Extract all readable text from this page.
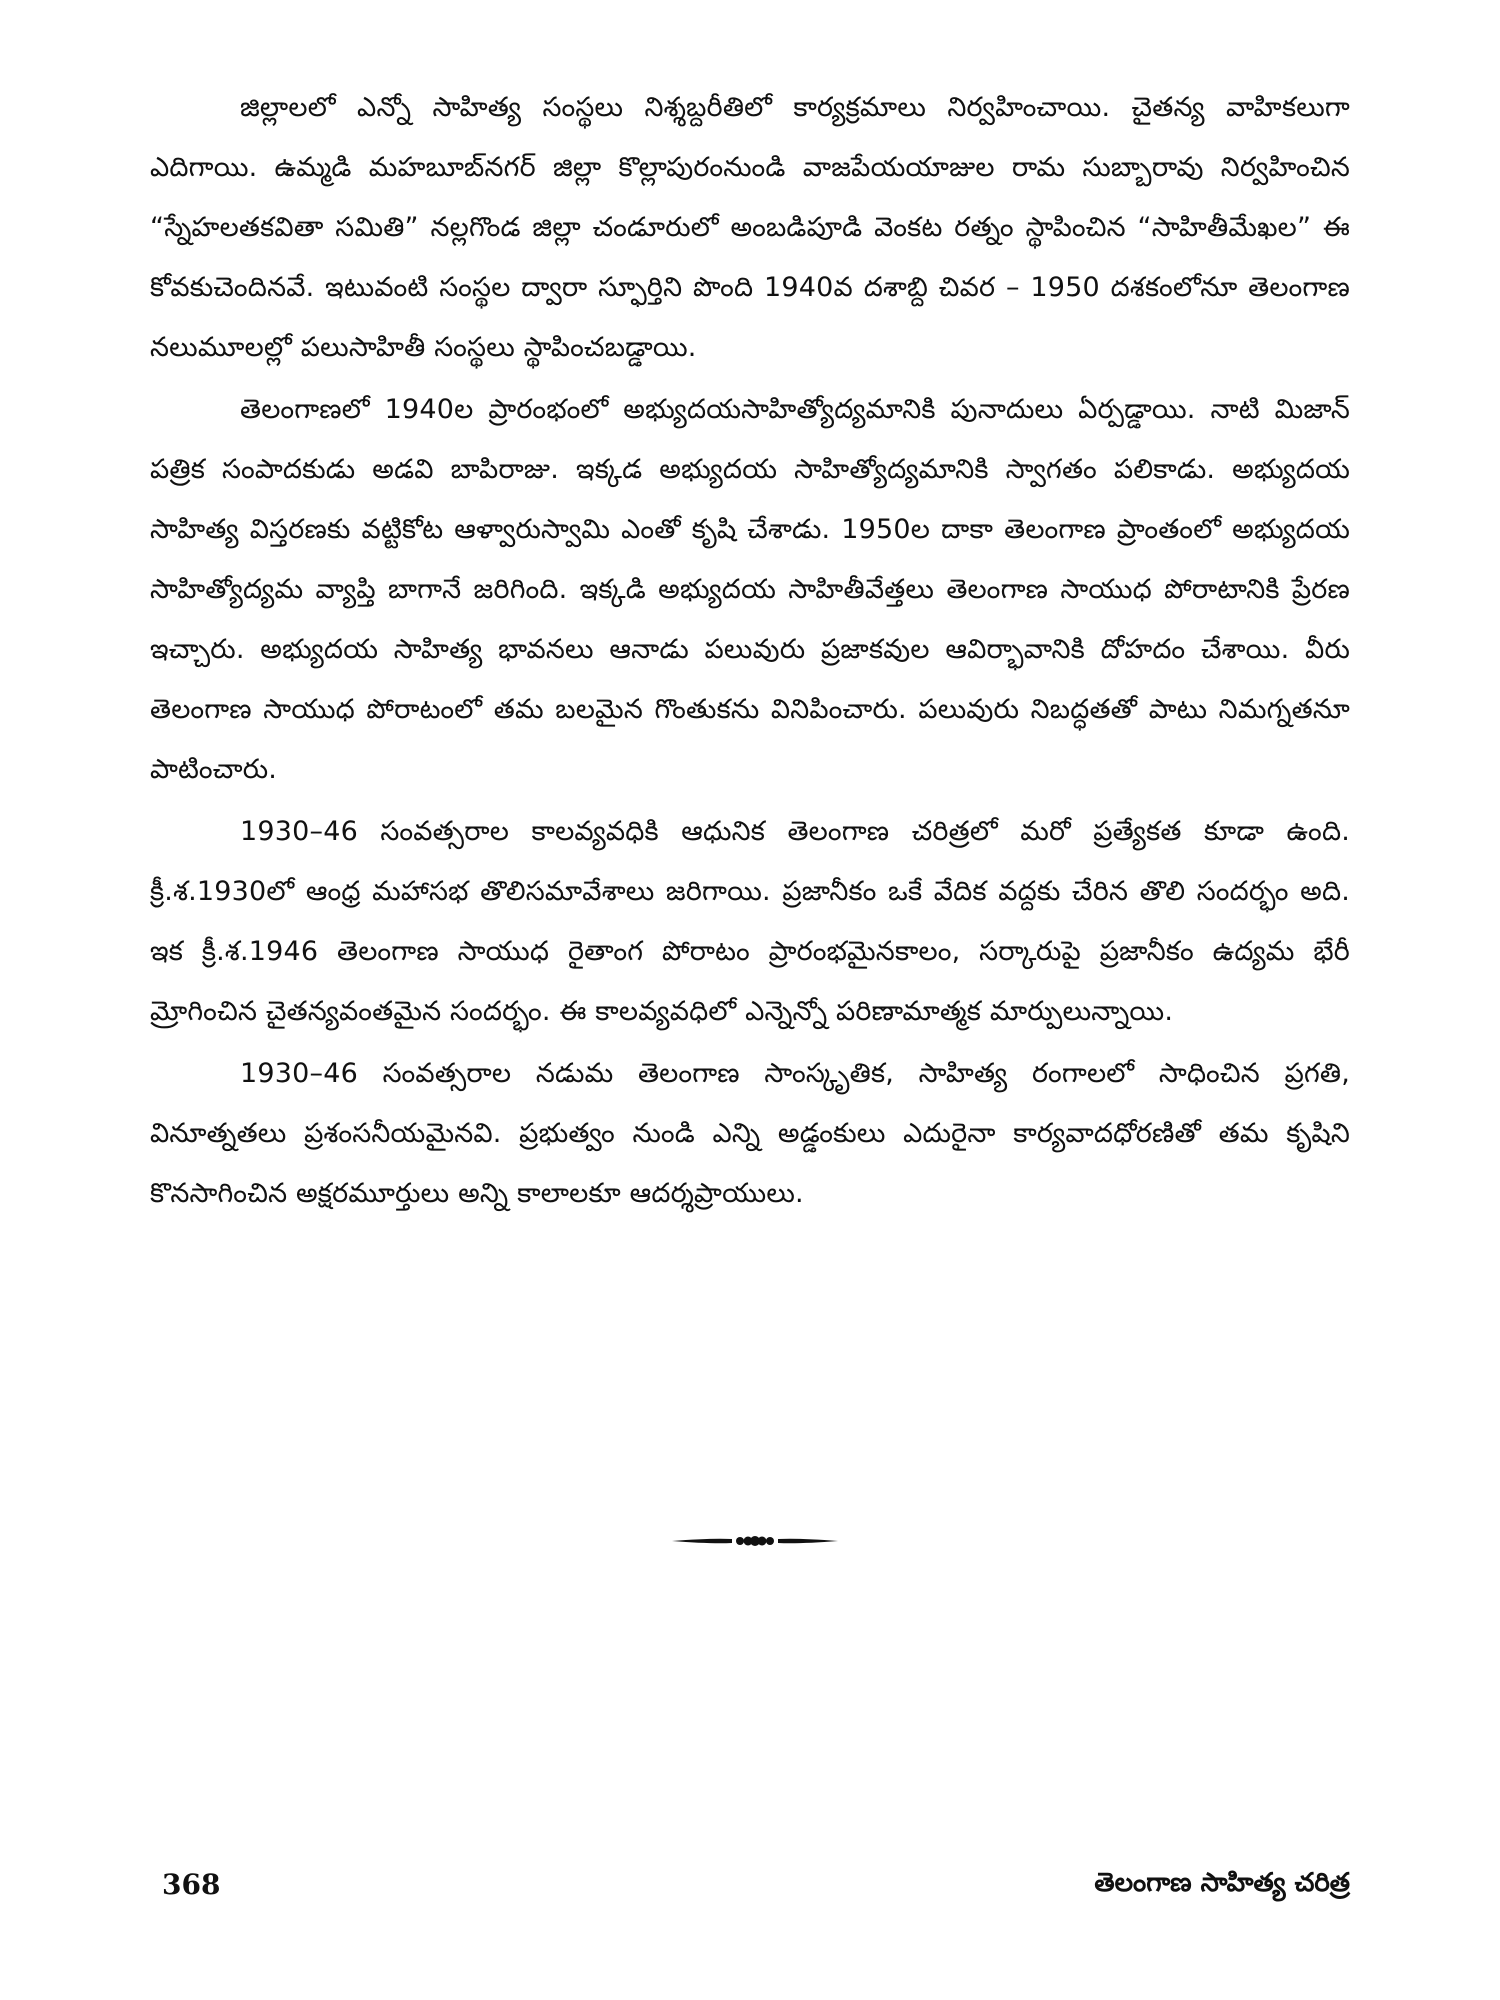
జిల్లాలలో ఎన్నో సాహిత్య సంస్థలు నిశ్శబ్దరీతిలో కార్యక్రమాలు నిర్వహించాయి. చైతన్య వాహికలుగా ఎదిగాయి. ఉమ్మడి మహబూబ్‌నగర్ జిల్లా కొల్లాపురంనుండి వాజపేయయాజుల రామ సుబ్బారావు నిర్వహించిన “స్నేహలతకవితా సమితి” నల్లగొండ జిల్లా చండూరులో అంబడిపూడి వెంకట రత్నం స్థాపించిన “సాహితీమేఖల” ఈ కోవకుచెందినవే. ఇటువంటి సంస్థల ద్వారా స్ఫూర్తిని పొంది 1940వ దశాబ్ది చివర – 1950 దశకంలోనూ తెలంగాణ నలుమూలల్లో పలుసాహితీ సంస్థలు స్థాపించబడ్డాయి.

తెలంగాణలో 1940ల ప్రారంభంలో అభ్యుదయసాహిత్యోద్యమానికి పునాదులు ఏర్పడ్డాయి. నాటి మిజాన్ పత్రిక సంపాదకుడు అడవి బాపిరాజు. ఇక్కడ అభ్యుదయ సాహిత్యోద్యమానికి స్వాగతం పలికాడు. అభ్యుదయ సాహిత్య విస్తరణకు వట్టికోట ఆళ్వారుస్వామి ఎంతో కృషి చేశాడు. 1950ల దాకా తెలంగాణ ప్రాంతంలో అభ్యుదయ సాహిత్యోద్యమ వ్యాప్తి బాగానే జరిగింది. ఇక్కడి అభ్యుదయ సాహితీవేత్తలు తెలంగాణ సాయుధ పోరాటానికి ప్రేరణ ఇచ్చారు. అభ్యుదయ సాహిత్య భావనలు ఆనాడు పలువురు ప్రజాకవుల ఆవిర్భావానికి దోహదం చేశాయి. వీరు తెలంగాణ సాయుధ పోరాటంలో తమ బలమైన గొంతుకను వినిపించారు. పలువురు నిబద్ధతతో పాటు నిమగ్నతనూ పాటించారు.

1930–46 సంవత్సరాల కాలవ్యవధికి ఆధునిక తెలంగాణ చరిత్రలో మరో ప్రత్యేకత కూడా ఉంది. క్రీ.శ.1930లో ఆంధ్ర మహాసభ తొలిసమావేశాలు జరిగాయి. ప్రజానీకం ఒకే వేదిక వద్దకు చేరిన తొలి సందర్భం అది. ఇక క్రీ.శ.1946 తెలంగాణ సాయుధ రైతాంగ పోరాటం ప్రారంభమైనకాలం, సర్కారుపై ప్రజానీకం ఉద్యమ భేరీ మ్రోగించిన చైతన్యవంతమైన సందర్భం. ఈ కాలవ్యవధిలో ఎన్నెన్నో పరిణామాత్మక మార్పులున్నాయి.

1930–46 సంవత్సరాల నడుమ తెలంగాణ సాంస్కృతిక, సాహిత్య రంగాలలో సాధించిన ప్రగతి, వినూత్నతలు ప్రశంసనీయమైనవి. ప్రభుత్వం నుండి ఎన్ని అడ్డంకులు ఎదురైనా కార్యవాదధోరణితో తమ కృషిని కొనసాగించిన అక్షరమూర్తులు అన్ని కాలాలకూ ఆదర్శప్రాయులు.

368	తెలంగాణ సాహిత్య చరిత్ర
